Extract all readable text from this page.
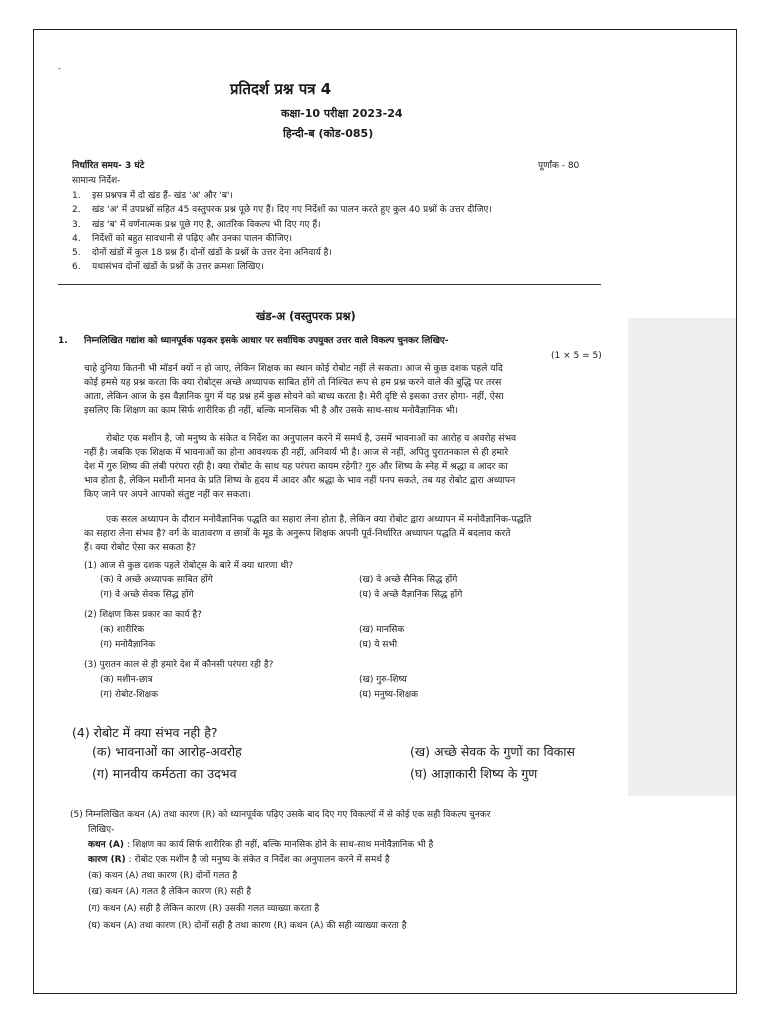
-
प्रतिदर्श प्रश्न पत्र 4
कक्षा-10 परीक्षा 2023-24
हिन्दी-ब (कोड-085)
निर्धारित समय- 3 घंटे	पूर्णांक - 80
सामान्य निर्देश-
1. इस प्रश्नपत्र में दो खंड हैं- खंड 'अ' और 'ब'।
2. खंड 'अ' में उपप्रश्नों सहित 45 वस्तुपरक प्रश्न पूछे गए हैं। दिए गए निर्देशों का पालन करते हुए कुल 40 प्रश्नों के उत्तर दीजिए।
3. खंड 'ब' में वर्णनात्मक प्रश्न पूछे गए है, आतंरिक विकल्प भी दिए गए हैं।
4. निर्देशों को बहुत सावधानी से पढ़िए और उनका पालन कीजिए।
5. दोनों खंडों में कुल 18 प्रश्न हैं। दोनों खंडों के प्रश्नों के उत्तर देना अनिवार्य है।
6. यथासंभव दोनों खंडों के प्रश्नों के उत्तर क्रमशः लिखिए।
खंड-अ (वस्तुपरक प्रश्न)
1. निम्नलिखित गद्यांश को ध्यानपूर्वक पढ़कर इसके आधार पर सर्वाधिक उपयुक्त उत्तर वाले विकल्प चुनकर लिखिए-
(1 × 5 = 5)
चाहे दुनिया कितनी भी मॉडर्न क्यों न हो जाए, लेकिन शिक्षक का स्थान कोई रोबोट नहीं ले सकता। आज से कुछ दशक पहले यदि
कोई हमसे यह प्रश्न करता कि क्या रोबोट्स अच्छे अध्यापक साबित होंगे तो निश्चित रूप से हम प्रश्न करने वाले की बुद्धि पर तरस
आता, लेकिन आज के इस वैज्ञानिक युग में यह प्रश्न हमें कुछ सोचने को बाध्य करता है। मेरी दृष्टि से इसका उत्तर होगा- नहीं, ऐसा
इसलिए कि शिक्षण का काम सिर्फ शारीरिक ही नहीं, बल्कि मानसिक भी है और उसके साथ-साथ मनोवैज्ञानिक भी।
रोबोट एक मशीन है, जो मनुष्य के संकेत व निर्देश का अनुपालन करने में समर्थ है, उसमें भावनाओं का आरोह व अवरोह संभव
नहीं है। जबकि एक शिक्षक में भावनाओं का होना आवश्यक ही नहीं, अनिवार्य भी है। आज से नहीं, अपितु पुरातनकाल से ही हमारे
देश में गुरु शिष्य की लंबी परंपरा रही है। क्या रोबोट के साथ यह परंपरा कायम रहेगी? गुरु और शिष्य के स्नेह में श्रद्धा व आदर का
भाव होता है, लेकिन मशीनी मानव के प्रति शिष्य के हृदय में आदर और श्रद्धा के भाव नहीं पनप सकते, तब यह रोबोट द्वारा अध्यापन
किए जाने पर अपने आपको संतुष्ट नहीं कर सकता।
एक सरल अध्यापन के दौरान मनोवैज्ञानिक पद्धति का सहारा लेना होता है, लेकिन क्या रोबोट द्वारा अध्यापन में मनोवैज्ञानिक-पद्धति
का सहारा लेना संभव है? वर्ग के वातावरण व छात्रों के मूड के अनुरूप शिक्षक अपनी पूर्व-निर्धारित अध्यापन पद्धति में बदलाव करते
हैं। क्या रोबोट ऐसा कर सकता है?
(1) आज से कुछ दशक पहले रोबोट्स के बारे में क्या धारणा थी?
(क) वे अच्छे अध्यापक साबित होंगे	(ख) वे अच्छे सैनिक सिद्ध होंगे
(ग) वे अच्छे सेवक सिद्ध होंगे	(घ) वे अच्छे वैज्ञानिक सिद्ध होंगे
(2) शिक्षण किस प्रकार का कार्य है?
(क) शारीरिक	(ख) मानसिक
(ग) मनोवैज्ञानिक	(घ) ये सभी
(3) पुरातन काल से ही हमारे देश में कौनसी परंपरा रही है?
(क) मशीन-छात्र	(ख) गुरु-शिष्य
(ग) रोबोट-शिक्षक	(घ) मनुष्य-शिक्षक
(4) रोबोट में क्या संभव नही है?
(क) भावनाओं का आरोह-अवरोह	(ख) अच्छे सेवक के गुणों का विकास
(ग) मानवीय कर्मठता का उदभव	(घ) आज्ञाकारी शिष्य के गुण
(5) निम्नलिखित कथन (A) तथा कारण (R) को ध्यानपूर्वक पढ़िए उसके बाद दिए गए विकल्पों में से कोई एक सही विकल्प चुनकर
लिखिए-
कथन (A) : शिक्षण का कार्य सिर्फ शारीरिक ही नहीं, बल्कि मानसिक होने के साथ-साथ मनोवैज्ञानिक भी है
कारण (R) : रोबोट एक मशीन है जो मनुष्य के संकेत व निर्देश का अनुपालन करने में समर्थ है
(क) कथन (A) तथा कारण (R) दोनों गलत है
(ख) कथन (A) गलत है लेकिन कारण (R) सही है
(ग) कथन (A) सही है लेकिन कारण (R) उसकी गलत व्याख्या करता है
(घ) कथन (A) तथा कारण (R) दोनों सही है तथा कारण (R) कथन (A) की सही व्याख्या करता है
